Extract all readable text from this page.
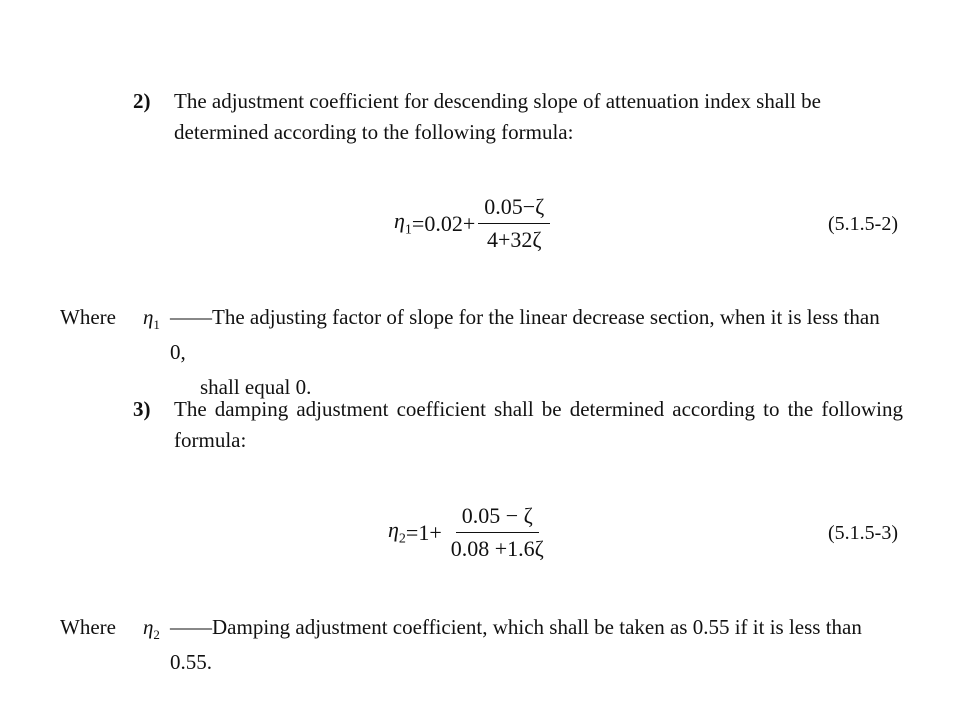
2) The adjustment coefficient for descending slope of attenuation index shall be determined according to the following formula:
$\eta_1 =0.02+ \frac{0.05-\zeta}{4+32\zeta}$	(5.1.5-2)
Where $\eta_1$ ——The adjusting factor of slope for the linear decrease section, when it is less than 0,
shall equal 0.
3) The damping adjustment coefficient shall be determined according to the following formula:
$\eta_2 =1+ \frac{0.05 - \zeta}{0.08 +1.6\zeta}$	(5.1.5-3)
Where $\eta_2$ ——Damping adjustment coefficient, which shall be taken as 0.55 if it is less than 0.55.
